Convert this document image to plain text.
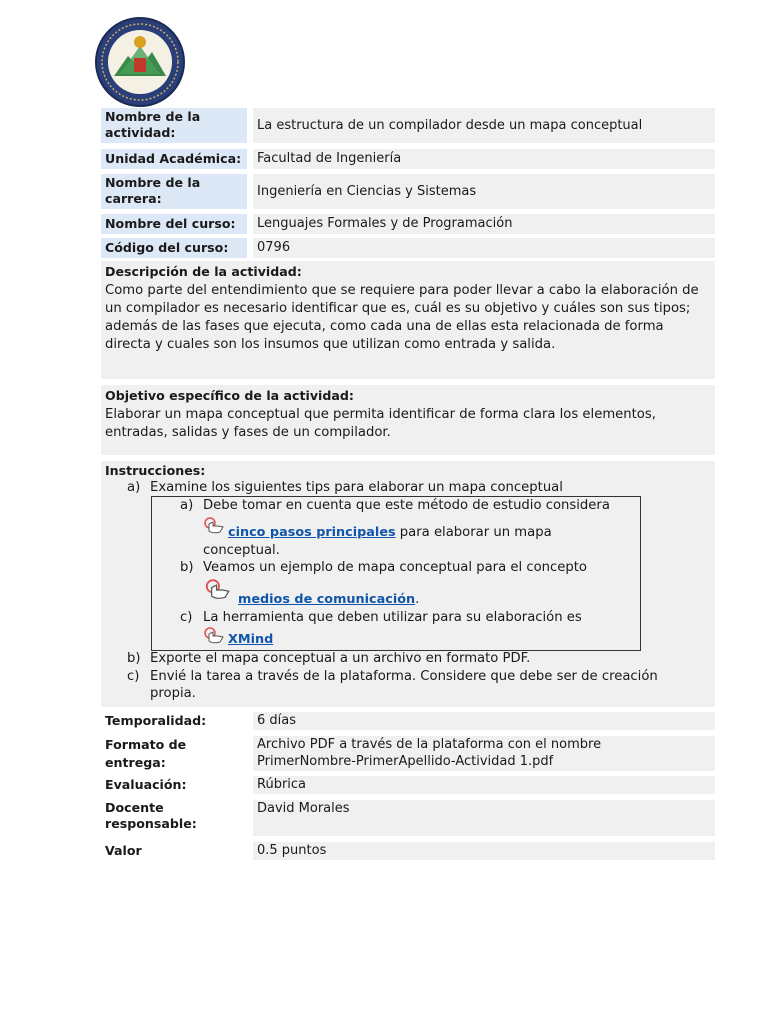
Nombre de la actividad:	La estructura de un compilador desde un mapa conceptual
Unidad Académica:	Facultad de Ingeniería
Nombre de la carrera:	Ingeniería en Ciencias y Sistemas
Nombre del curso:	Lenguajes Formales y de Programación
Código del curso:	0796
Descripción de la actividad:
Como parte del entendimiento que se requiere para poder llevar a cabo la elaboración de un compilador es necesario identificar que es, cuál es su objetivo y cuáles son sus tipos; además de las fases que ejecuta, como cada una de ellas esta relacionada de forma directa y cuales son los insumos que utilizan como entrada y salida.
Objetivo específico de la actividad:
Elaborar un mapa conceptual que permita identificar de forma clara los elementos, entradas, salidas y fases de un compilador.
Instrucciones:
a) Examine los siguientes tips para elaborar un mapa conceptual
a) Debe tomar en cuenta que este método de estudio considera
cinco pasos principales para elaborar un mapa
conceptual.
b) Veamos un ejemplo de mapa conceptual para el concepto
medios de comunicación.
c) La herramienta que deben utilizar para su elaboración es
XMind
b) Exporte el mapa conceptual a un archivo en formato PDF.
c) Envié la tarea a través de la plataforma. Considere que debe ser de creación
propia.
Temporalidad:	6 días
Formato de entrega:
Archivo PDF a través de la plataforma con el nombre
PrimerNombre-PrimerApellido-Actividad 1.pdf
Evaluación:	Rúbrica
Docente responsable:
David Morales
Valor	0.5 puntos
